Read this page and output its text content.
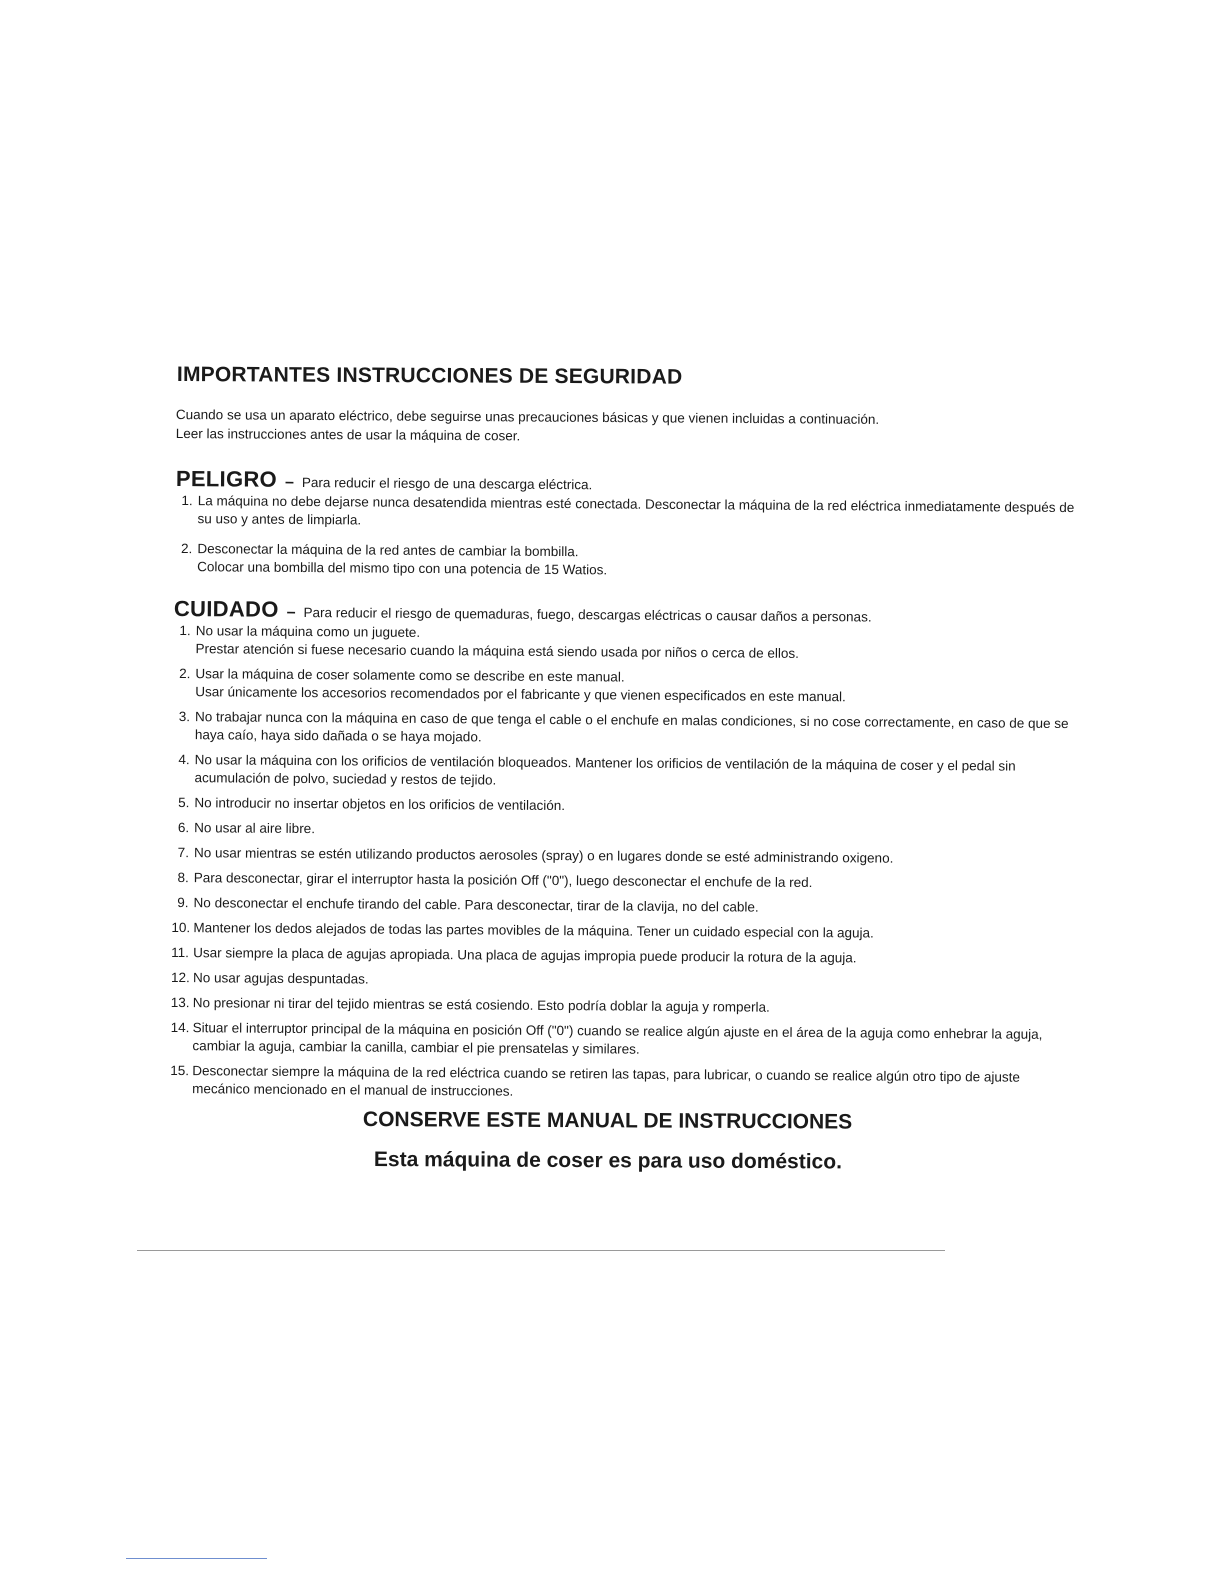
IMPORTANTES INSTRUCCIONES DE SEGURIDAD

Cuando se usa un aparato eléctrico, debe seguirse unas precauciones básicas y que vienen incluidas a continuación.

Leer las instrucciones antes de usar la máquina de coser.

PELIGRO – Para reducir el riesgo de una descarga eléctrica.

1. La máquina no debe dejarse nunca desatendida mientras esté conectada. Desconectar la máquina de la red eléctrica inmediatamente después de su uso y antes de limpiarla.
2. Desconectar la máquina de la red antes de cambiar la bombilla.
Colocar una bombilla del mismo tipo con una potencia de 15 Watios.

CUIDADO – Para reducir el riesgo de quemaduras, fuego, descargas eléctricas o causar daños a personas.

1. No usar la máquina como un juguete.
Prestar atención si fuese necesario cuando la máquina está siendo usada por niños o cerca de ellos.
2. Usar la máquina de coser solamente como se describe en este manual.
Usar únicamente los accesorios recomendados por el fabricante y que vienen especificados en este manual.
3. No trabajar nunca con la máquina en caso de que tenga el cable o el enchufe en malas condiciones, si no cose correctamente, en caso de que se haya caío, haya sido dañada o se haya mojado.
4. No usar la máquina con los orificios de ventilación bloqueados. Mantener los orificios de ventilación de la máquina de coser y el pedal sin acumulación de polvo, suciedad y restos de tejido.
5. No introducir no insertar objetos en los orificios de ventilación.
6. No usar al aire libre.
7. No usar mientras se estén utilizando productos aerosoles (spray) o en lugares donde se esté administrando oxigeno.
8. Para desconectar, girar el interruptor hasta la posición Off ("0"), luego desconectar el enchufe de la red.
9. No desconectar el enchufe tirando del cable. Para desconectar, tirar de la clavija, no del cable.
10. Mantener los dedos alejados de todas las partes movibles de la máquina. Tener un cuidado especial con la aguja.
11. Usar siempre la placa de agujas apropiada. Una placa de agujas impropia puede producir la rotura de la aguja.
12. No usar agujas despuntadas.
13. No presionar ni tirar del tejido mientras se está cosiendo. Esto podría doblar la aguja y romperla.
14. Situar el interruptor principal de la máquina en posición Off ("0") cuando se realice algún ajuste en el área de la aguja como enhebrar la aguja, cambiar la aguja, cambiar la canilla, cambiar el pie prensatelas y similares.
15. Desconectar siempre la máquina de la red eléctrica cuando se retiren las tapas, para lubricar, o cuando se realice algún otro tipo de ajuste mecánico mencionado en el manual de instrucciones.
CONSERVE ESTE MANUAL DE INSTRUCCIONES

Esta máquina de coser es para uso doméstico.
